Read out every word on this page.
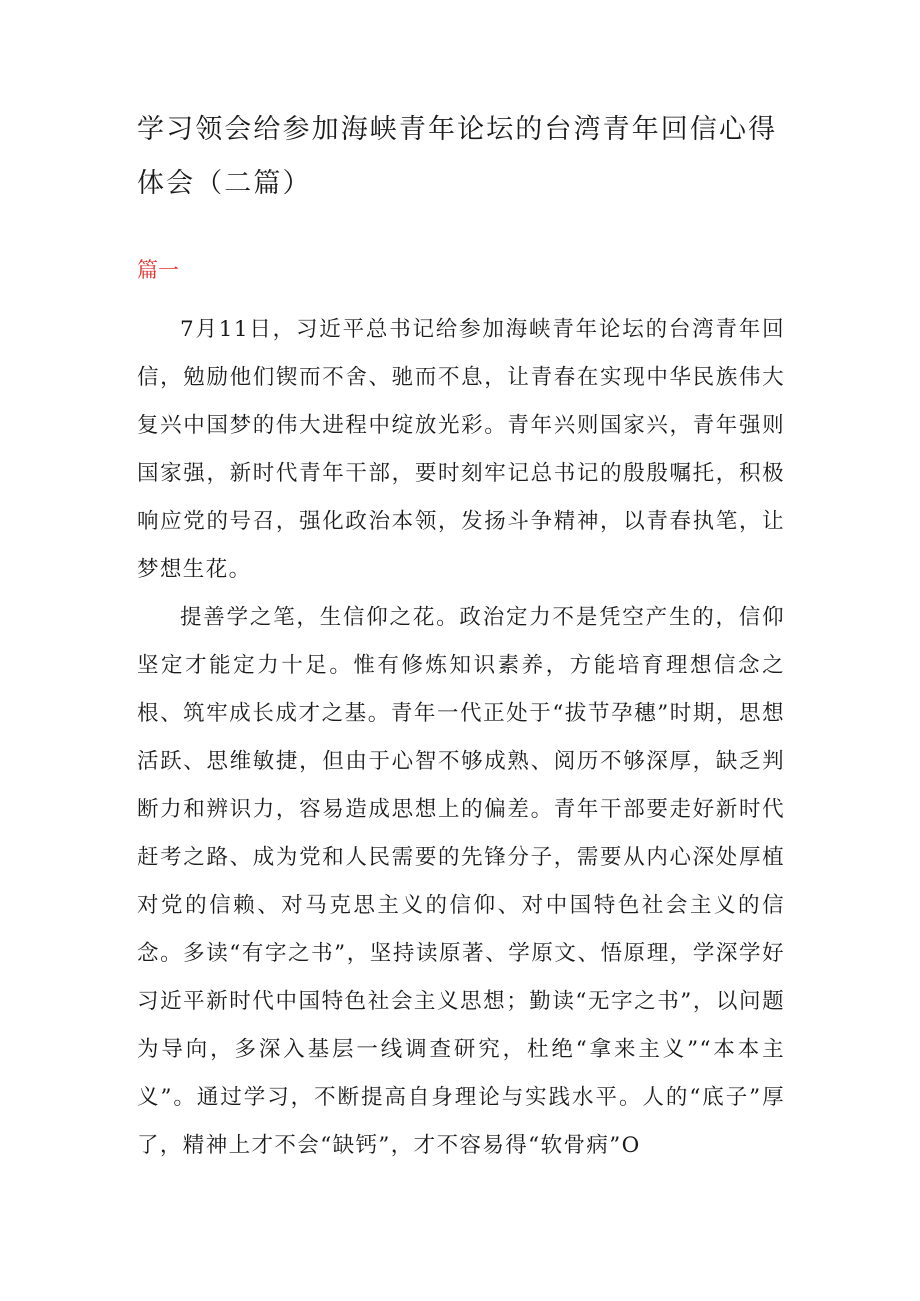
学习领会给参加海峡青年论坛的台湾青年回信心得体会（二篇）
篇一

7月11日，习近平总书记给参加海峡青年论坛的台湾青年回信，勉励他们锲而不舍、驰而不息，让青春在实现中华民族伟大复兴中国梦的伟大进程中绽放光彩。青年兴则国家兴，青年强则国家强，新时代青年干部，要时刻牢记总书记的殷殷嘱托，积极响应党的号召，强化政治本领，发扬斗争精神，以青春执笔，让梦想生花。

提善学之笔，生信仰之花。政治定力不是凭空产生的，信仰坚定才能定力十足。惟有修炼知识素养，方能培育理想信念之根、筑牢成长成才之基。青年一代正处于“拔节孕穗”时期，思想活跃、思维敏捷，但由于心智不够成熟、阅历不够深厚，缺乏判断力和辨识力，容易造成思想上的偏差。青年干部要走好新时代赶考之路、成为党和人民需要的先锋分子，需要从内心深处厚植对党的信赖、对马克思主义的信仰、对中国特色社会主义的信念。多读“有字之书”，坚持读原著、学原文、悟原理，学深学好习近平新时代中国特色社会主义思想；勤读“无字之书”，以问题为导向，多深入基层一线调查研究，杜绝“拿来主义”“本本主义”。通过学习，不断提高自身理论与实践水平。人的“底子”厚了，精神上才不会“缺钙”，才不容易得“软骨病”O
